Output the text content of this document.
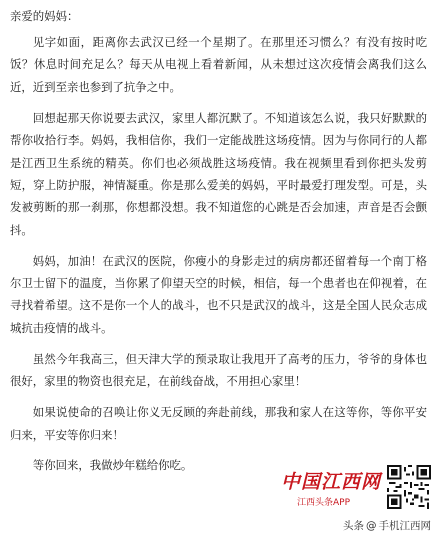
亲爱的妈妈：

见字如面，距离你去武汉已经一个星期了。在那里还习惯么？有没有按时吃饭？休息时间充足么？每天从电视上看着新闻，从未想过这次疫情会离我们这么近，近到至亲也参到了抗争之中。

回想起那天你说要去武汉，家里人都沉默了。不知道该怎么说，我只好默默的帮你收拾行李。妈妈，我相信你，我们一定能战胜这场疫情。因为与你同行的人都是江西卫生系统的精英。你们也必须战胜这场疫情。我在视频里看到你把头发剪短，穿上防护服，神情凝重。你是那么爱美的妈妈，平时最爱打理发型。可是，头发被剪断的那一刹那，你想都没想。我不知道您的心跳是否会加速，声音是否会颤抖。

妈妈，加油！在武汉的医院，你瘦小的身影走过的病房都还留着每一个南丁格尔卫士留下的温度，当你累了仰望天空的时候，相信，每一个患者也在仰视着，在寻找着希望。这不是你一个人的战斗，也不只是武汉的战斗，这是全国人民众志成城抗击疫情的战斗。

虽然今年我高三，但天津大学的预录取让我甩开了高考的压力，爷爷的身体也很好，家里的物资也很充足，在前线奋战，不用担心家里！

如果说使命的召唤让你义无反顾的奔赴前线，那我和家人在这等你，等你平安归来，平安等你归来！

等你回来，我做炒年糕给你吃。

中国江西网
江西头条APP
头条 @ 手机江西网
